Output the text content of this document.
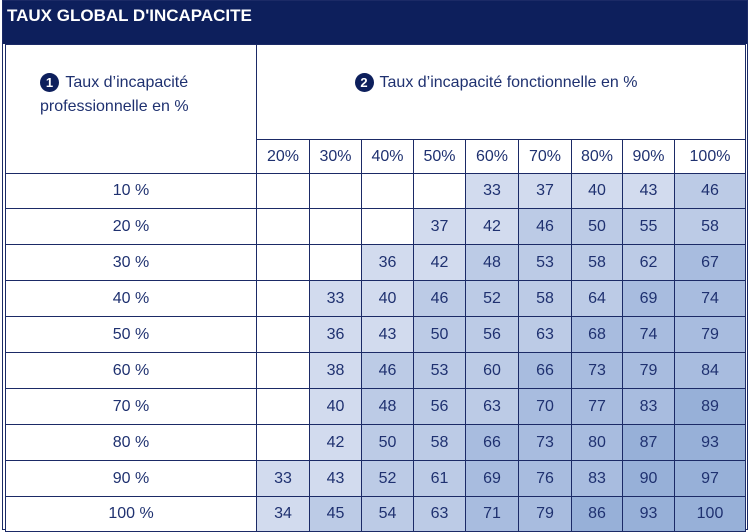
TAUX GLOBAL D'INCAPACITE
1 Taux d’incapacité
professionnelle en %	2 Taux d’incapacité fonctionnelle en %								

	20%	30%	40%	50%	60%	70%	80%	90%	100%
10 %					33	37	40	43	46
20 %				37	42	46	50	55	58
30 %			36	42	48	53	58	62	67
40 %		33	40	46	52	58	64	69	74
50 %		36	43	50	56	63	68	74	79
60 %		38	46	53	60	66	73	79	84
70 %		40	48	56	63	70	77	83	89
80 %		42	50	58	66	73	80	87	93
90 %	33	43	52	61	69	76	83	90	97
100 %	34	45	54	63	71	79	86	93	100
